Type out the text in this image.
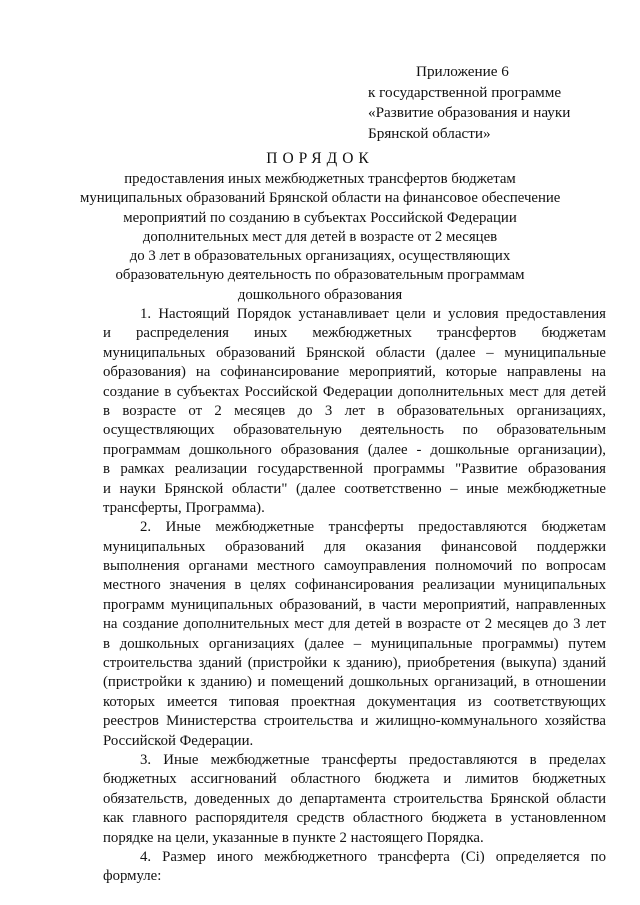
Приложение 6
к государственной программе
«Развитие образования и науки
Брянской области»
ПОРЯДОК
предоставления иных межбюджетных трансфертов бюджетам
муниципальных образований Брянской области на финансовое обеспечение
мероприятий по созданию в субъектах Российской Федерации
дополнительных мест для детей в возрасте от 2 месяцев
до 3 лет в образовательных организациях, осуществляющих
образовательную деятельность по образовательным программам
дошкольного образования
1. Настоящий Порядок устанавливает цели и условия предоставления
и распределения иных межбюджетных трансфертов бюджетам
муниципальных образований Брянской области (далее – муниципальные
образования) на софинансирование мероприятий, которые направлены на
создание в субъектах Российской Федерации дополнительных мест для детей
в возрасте от 2 месяцев до 3 лет в образовательных организациях,
осуществляющих образовательную деятельность по образовательным
программам дошкольного образования (далее - дошкольные организации),
в рамках реализации государственной программы "Развитие образования
и науки Брянской области" (далее соответственно – иные межбюджетные
трансферты, Программа).
2. Иные межбюджетные трансферты предоставляются бюджетам
муниципальных образований для оказания финансовой поддержки
выполнения органами местного самоуправления полномочий по вопросам
местного значения в целях софинансирования реализации муниципальных
программ муниципальных образований, в части мероприятий, направленных
на создание дополнительных мест для детей в возрасте от 2 месяцев до 3 лет
в дошкольных организациях (далее – муниципальные программы) путем
строительства зданий (пристройки к зданию), приобретения (выкупа) зданий
(пристройки к зданию) и помещений дошкольных организаций, в отношении
которых имеется типовая проектная документация из соответствующих
реестров Министерства строительства и жилищно-коммунального хозяйства
Российской Федерации.
3. Иные межбюджетные трансферты предоставляются в пределах
бюджетных ассигнований областного бюджета и лимитов бюджетных
обязательств, доведенных до департамента строительства Брянской области
как главного распорядителя средств областного бюджета в установленном
порядке на цели, указанные в пункте 2 настоящего Порядка.
4. Размер иного межбюджетного трансферта (Ci) определяется по
формуле:
